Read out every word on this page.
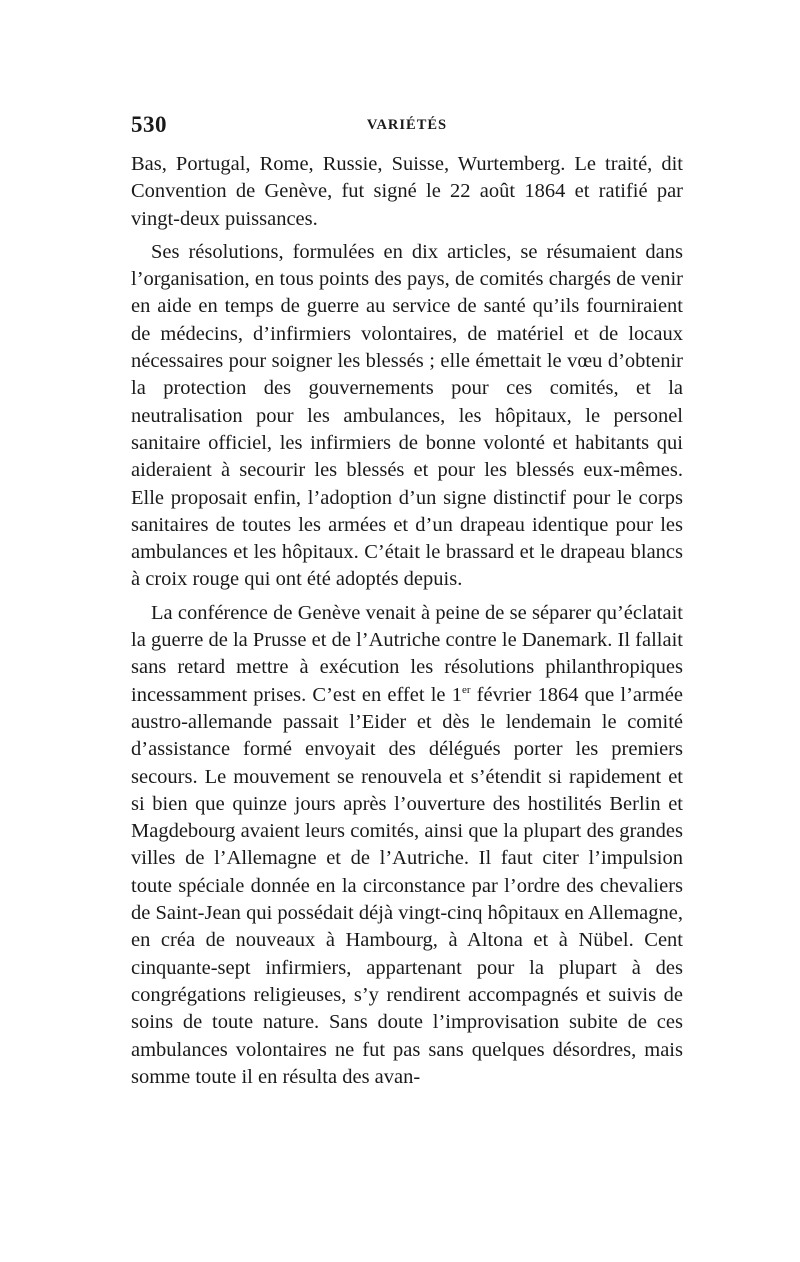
530	VARIÉTÉS

Bas, Portugal, Rome, Russie, Suisse, Wurtemberg. Le traité, dit Convention de Genève, fut signé le 22 août 1864 et ratifié par vingt-deux puissances.

Ses résolutions, formulées en dix articles, se résumaient dans l’organisation, en tous points des pays, de comités chargés de venir en aide en temps de guerre au service de santé qu’ils fourniraient de médecins, d’infirmiers volontaires, de matériel et de locaux nécessaires pour soigner les blessés ; elle émettait le vœu d’obtenir la protection des gouvernements pour ces comités, et la neutralisation pour les ambulances, les hôpitaux, le personel sanitaire officiel, les infirmiers de bonne volonté et habitants qui aideraient à secourir les blessés et pour les blessés eux-mêmes. Elle proposait enfin, l’adoption d’un signe distinctif pour le corps sanitaires de toutes les armées et d’un drapeau identique pour les ambulances et les hôpitaux. C’était le brassard et le drapeau blancs à croix rouge qui ont été adoptés depuis.

La conférence de Genève venait à peine de se séparer qu’éclatait la guerre de la Prusse et de l’Autriche contre le Danemark. Il fallait sans retard mettre à exécution les résolutions philanthropiques incessamment prises. C’est en effet le 1er février 1864 que l’armée austro-allemande passait l’Eider et dès le lendemain le comité d’assistance formé envoyait des délégués porter les premiers secours. Le mouvement se renouvela et s’étendit si rapidement et si bien que quinze jours après l’ouverture des hostilités Berlin et Magdebourg avaient leurs comités, ainsi que la plupart des grandes villes de l’Allemagne et de l’Autriche. Il faut citer l’impulsion toute spéciale donnée en la circonstance par l’ordre des chevaliers de Saint-Jean qui possédait déjà vingt-cinq hôpitaux en Allemagne, en créa de nouveaux à Hambourg, à Altona et à Nübel. Cent cinquante-sept infirmiers, appartenant pour la plupart à des congrégations religieuses, s’y rendirent accompagnés et suivis de soins de toute nature. Sans doute l’improvisation subite de ces ambulances volontaires ne fut pas sans quelques désordres, mais somme toute il en résulta des avan-
